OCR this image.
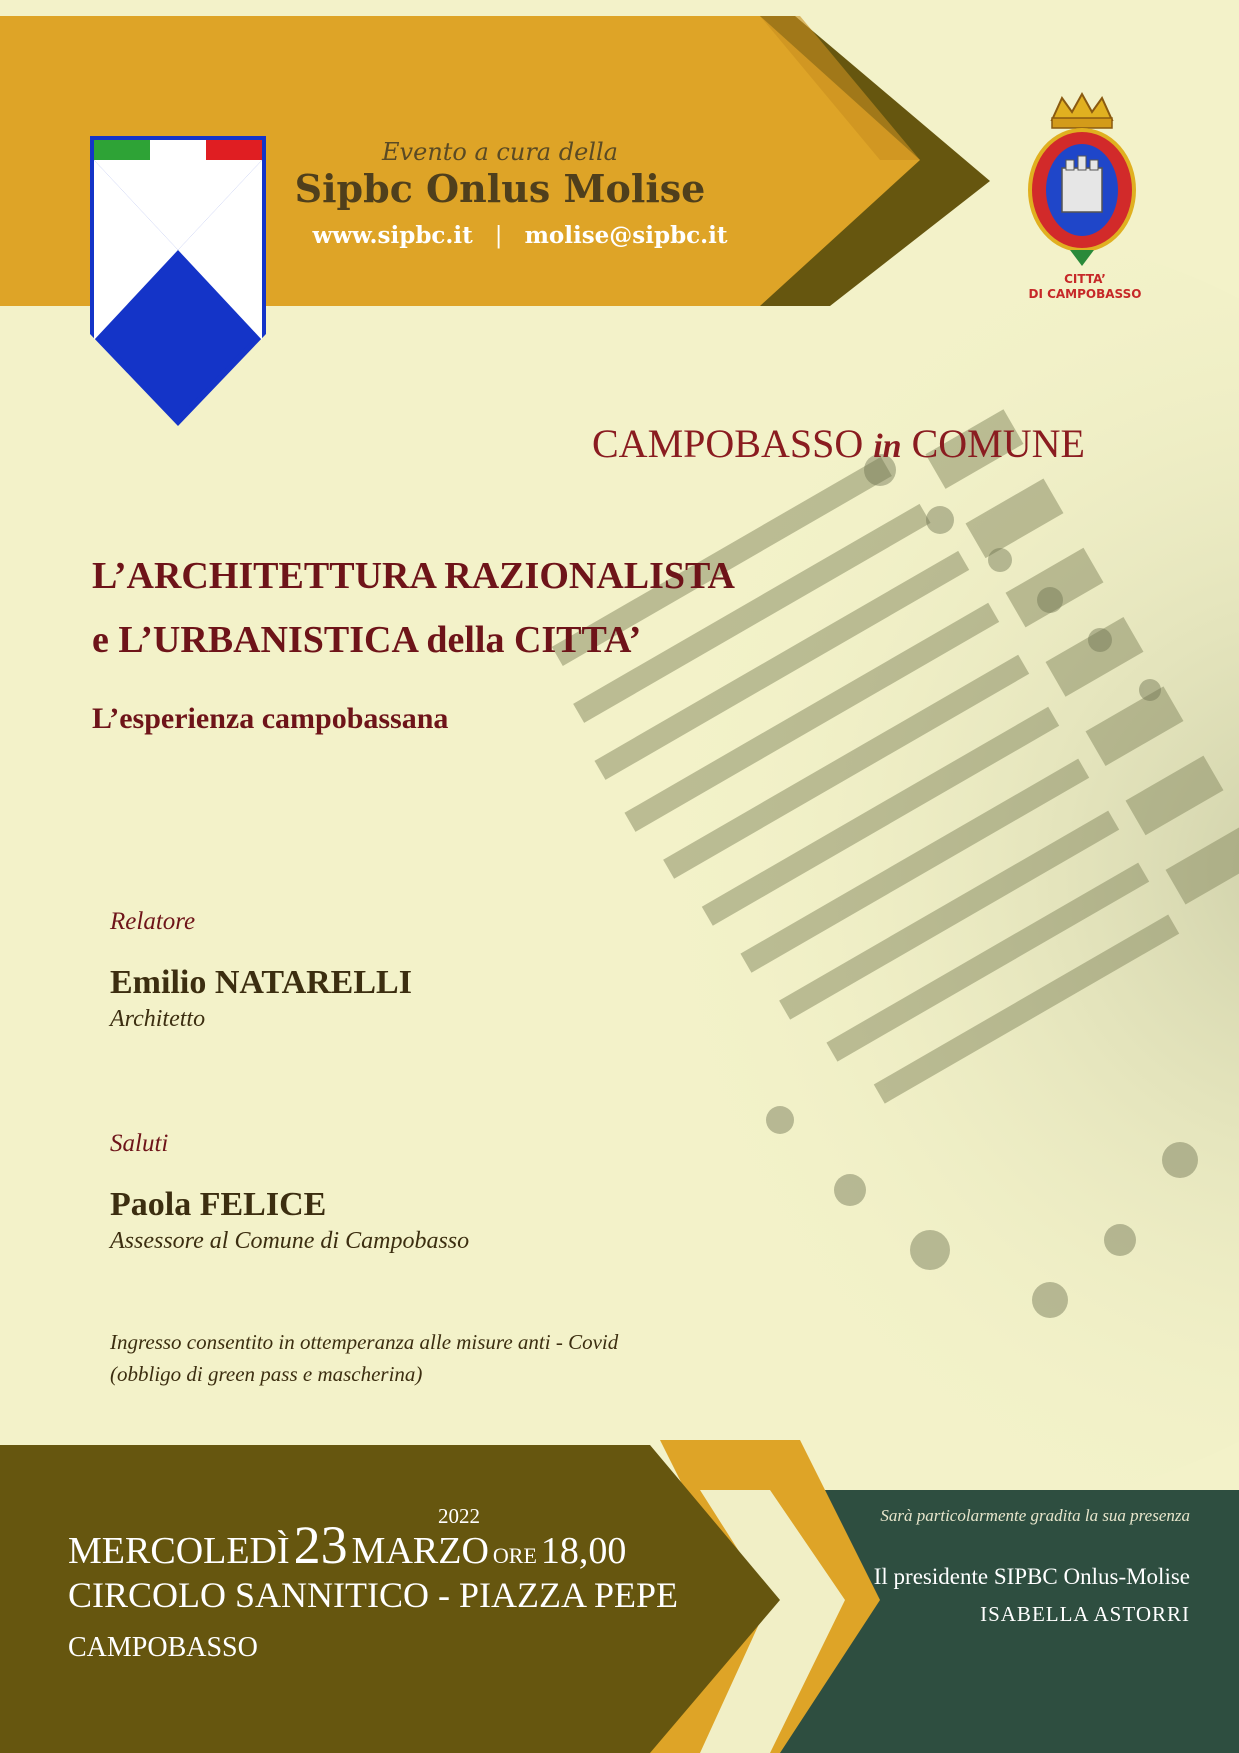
CITTA’
DI CAMPOBASSO
Evento a cura della
Sipbc Onlus Molise
www.sipbc.it | molise@sipbc.it
CAMPOBASSO in COMUNE
L’ARCHITETTURA RAZIONALISTA
e L’URBANISTICA della CITTA’
L’esperienza campobassana
Relatore
Emilio NATARELLI
Architetto
Saluti
Paola FELICE
Assessore al Comune di Campobasso
Ingresso consentito in ottemperanza alle misure anti - Covid
(obbligo di green pass e mascherina)
2022
MERCOLEDÌ 23 MARZO ORE 18,00
CIRCOLO SANNITICO - PIAZZA PEPE
CAMPOBASSO
Sarà particolarmente gradita la sua presenza
Il presidente SIPBC Onlus-Molise
ISABELLA ASTORRI
